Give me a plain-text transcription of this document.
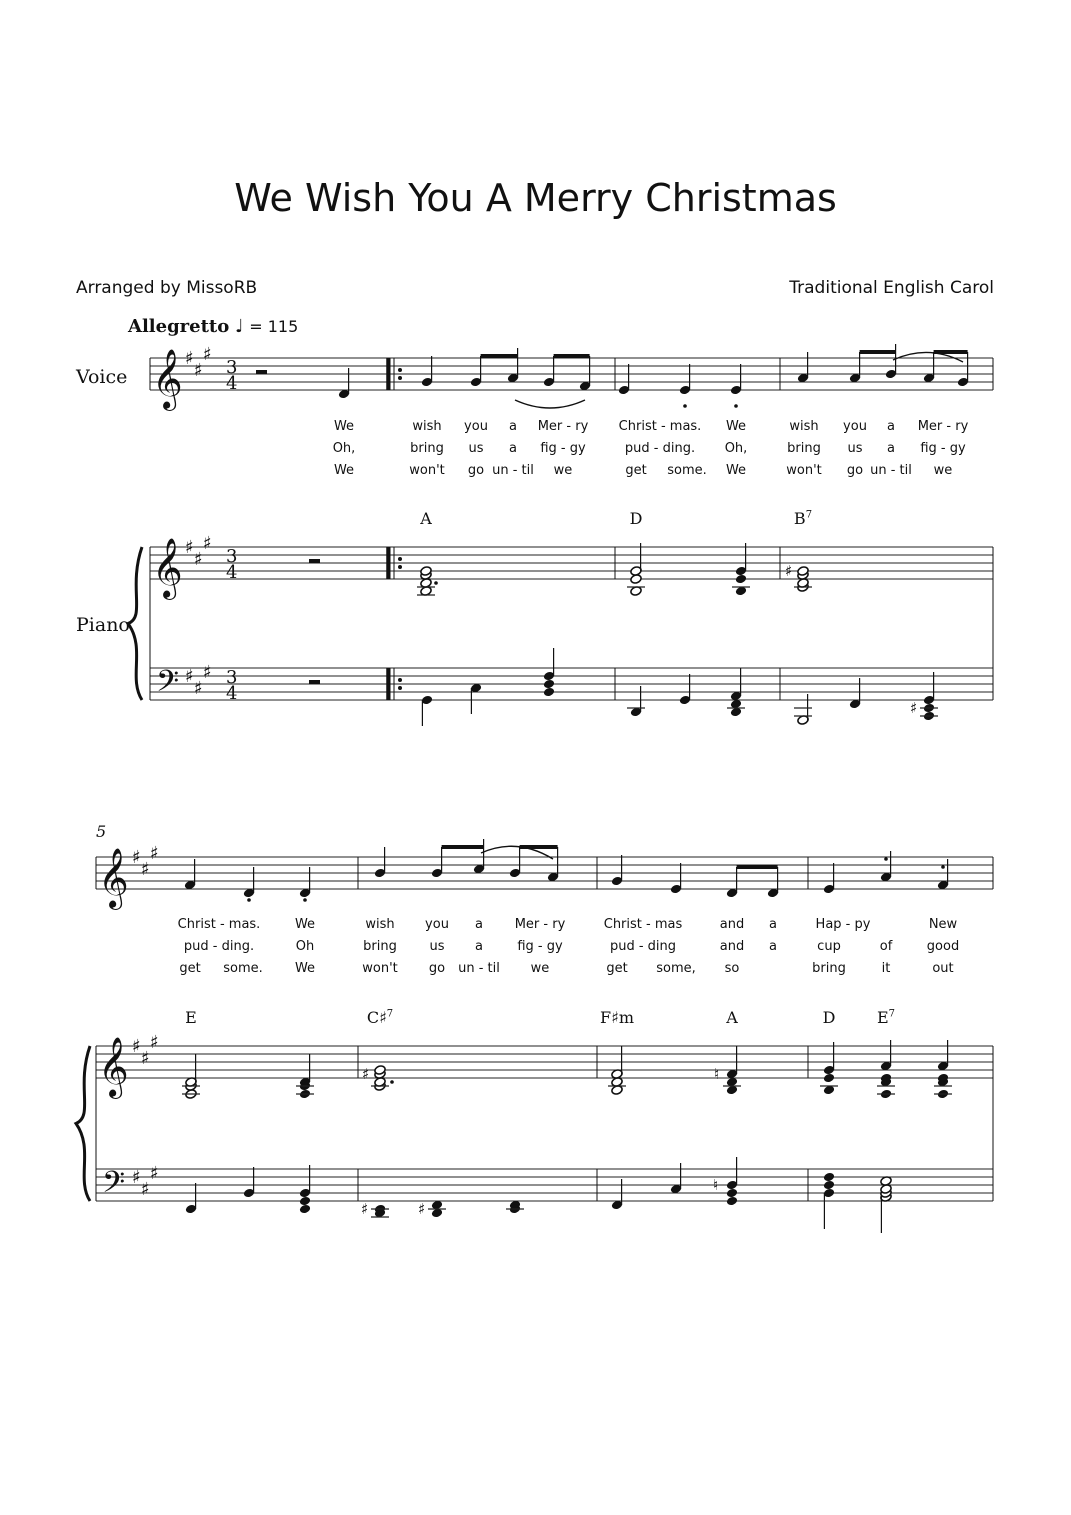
We Wish You A Merry Christmas
Arranged by MissoRB	Traditional English Carol
Allegretto ♩ = 115
Voice
Piano
5
A	D	$B^7$
E	C♯$^7$	F♯m	A	D	$E^7$
We	wish you a Mer - ry Christ - mas. We	wish you a Mer - ry
Oh,	bring us a fig - gy	pud - ding. Oh,	bring us a fig - gy
We	won't go un - til we	get some. We	won't go un - til we
Christ - mas.	We	wish you a Mer - ry	Christ - mas	and a	Hap - py	New
pud - ding.	Oh	bring	us a	fig - gy	pud - ding	and a	cup	of	good
get some. We	won't go un - til we	get some, so	bring	it	out
𝄞 ♯
♯
♯
3
4
𝄞 ♯
♯
♯
3
4
𝄢 ♯
♯
♯ 3
4
♯
♯
𝄞 ♯
♯
♯
𝄞 ♯
♯
♯
𝄢 ♯
♯
♯
♯	♮
♯	♯
♮
